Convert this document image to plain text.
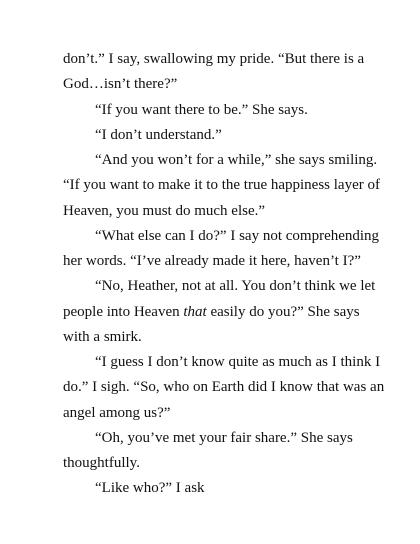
don’t.” I say, swallowing my pride. “But there is a
God…isn’t there?”
“If you want there to be.” She says.
“I don’t understand.”
“And you won’t for a while,” she says smiling.
“If you want to make it to the true happiness layer of
Heaven, you must do much else.”
“What else can I do?” I say not comprehending
her words. “I’ve already made it here, haven’t I?”
“No, Heather, not at all. You don’t think we let
people into Heaven that easily do you?” She says
with a smirk.
“I guess I don’t know quite as much as I think I
do.” I sigh. “So, who on Earth did I know that was an
angel among us?”
“Oh, you’ve met your fair share.” She says
thoughtfully.
“Like who?” I ask
